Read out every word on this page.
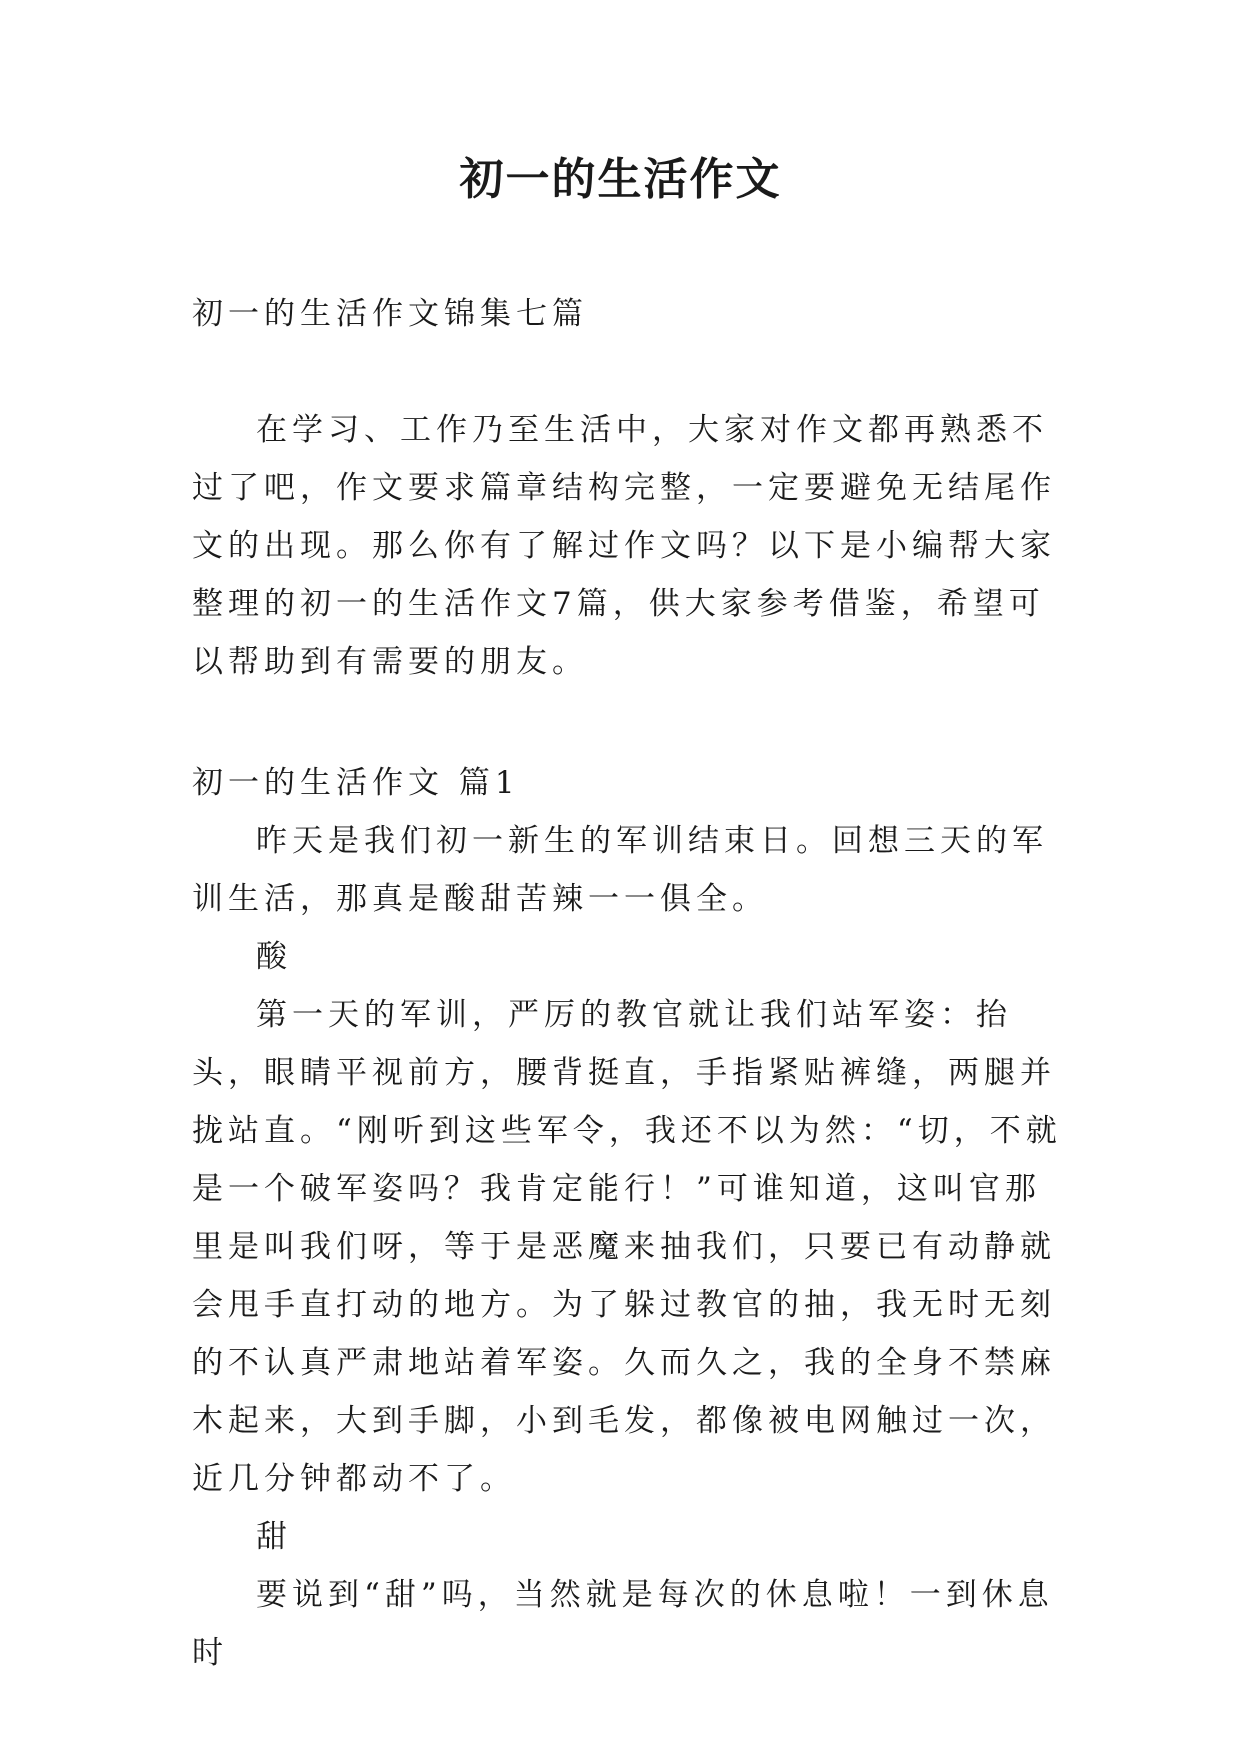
初一的生活作文

初一的生活作文锦集七篇

在学习、工作乃至生活中，大家对作文都再熟悉不过了吧，作文要求篇章结构完整，一定要避免无结尾作文的出现。那么你有了解过作文吗？以下是小编帮大家整理的初一的生活作文7篇，供大家参考借鉴，希望可以帮助到有需要的朋友。

初一的生活作文 篇1

昨天是我们初一新生的军训结束日。回想三天的军训生活，那真是酸甜苦辣一一俱全。

酸

第一天的军训，严厉的教官就让我们站军姿：抬头，眼睛平视前方，腰背挺直，手指紧贴裤缝，两腿并拢站直。“刚听到这些军令，我还不以为然：“切，不就是一个破军姿吗？我肯定能行！”可谁知道，这叫官那里是叫我们呀，等于是恶魔来抽我们，只要已有动静就会甩手直打动的地方。为了躲过教官的抽，我无时无刻的不认真严肃地站着军姿。久而久之，我的全身不禁麻木起来，大到手脚，小到毛发，都像被电网触过一次，近几分钟都动不了。

甜

要说到“甜”吗，当然就是每次的休息啦！一到休息时
